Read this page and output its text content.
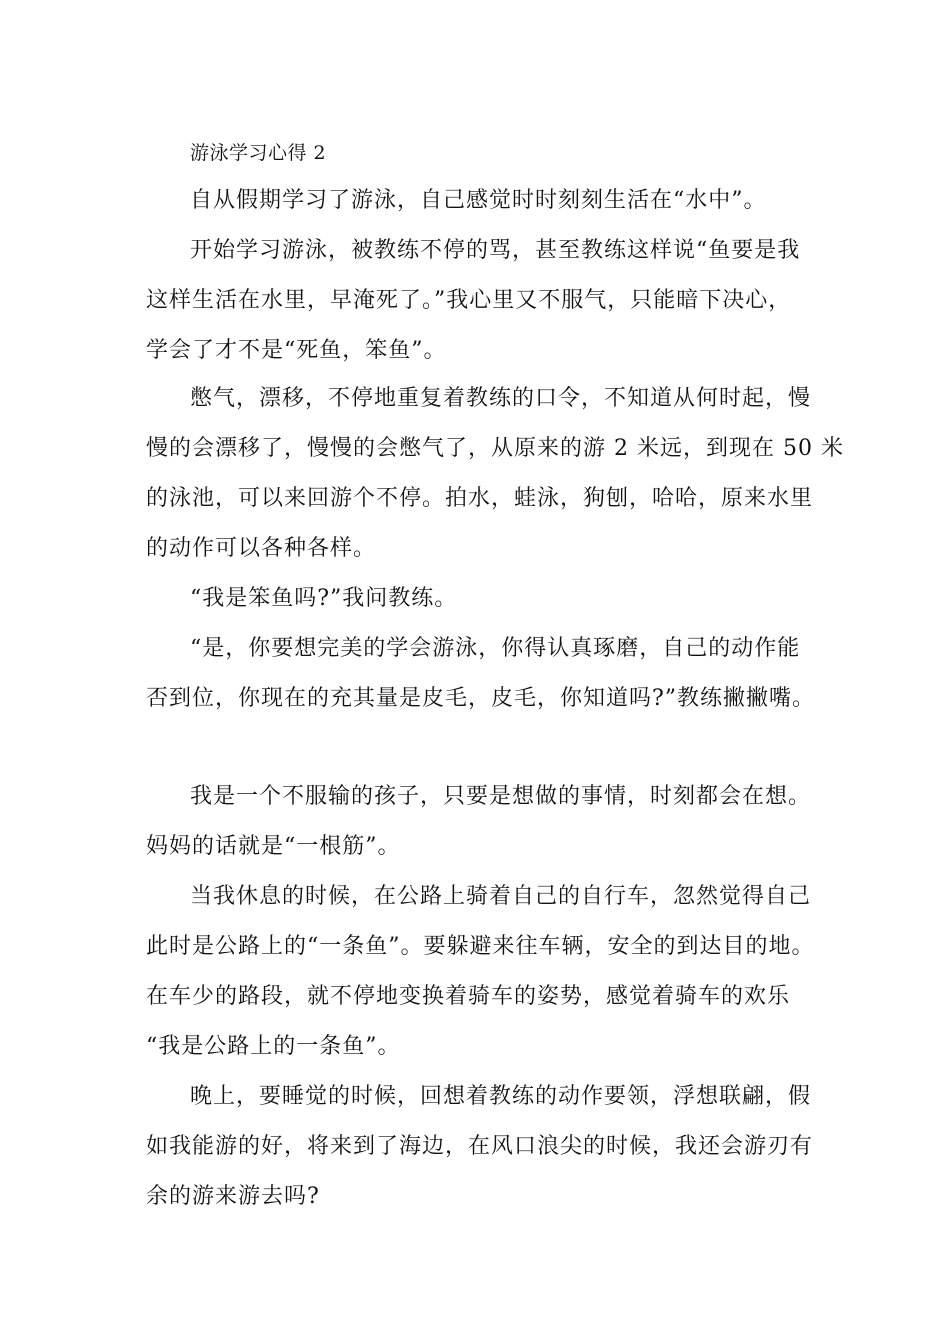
游泳学习心得 2
自从假期学习了游泳，自己感觉时时刻刻生活在“水中”。
开始学习游泳，被教练不停的骂，甚至教练这样说“鱼要是我
这样生活在水里，早淹死了。”我心里又不服气，只能暗下决心，
学会了才不是“死鱼，笨鱼”。
憋气，漂移，不停地重复着教练的口令，不知道从何时起，慢
慢的会漂移了，慢慢的会憋气了，从原来的游 2 米远，到现在 50 米
的泳池，可以来回游个不停。拍水，蛙泳，狗刨，哈哈，原来水里
的动作可以各种各样。
“我是笨鱼吗?”我问教练。
“是，你要想完美的学会游泳，你得认真琢磨，自己的动作能
否到位，你现在的充其量是皮毛，皮毛，你知道吗?”教练撇撇嘴。
我是一个不服输的孩子，只要是想做的事情，时刻都会在想。
妈妈的话就是“一根筋”。
当我休息的时候，在公路上骑着自己的自行车，忽然觉得自己
此时是公路上的“一条鱼”。要躲避来往车辆，安全的到达目的地。
在车少的路段，就不停地变换着骑车的姿势，感觉着骑车的欢乐
“我是公路上的一条鱼”。
晚上，要睡觉的时候，回想着教练的动作要领，浮想联翩，假
如我能游的好，将来到了海边，在风口浪尖的时候，我还会游刃有
余的游来游去吗?
